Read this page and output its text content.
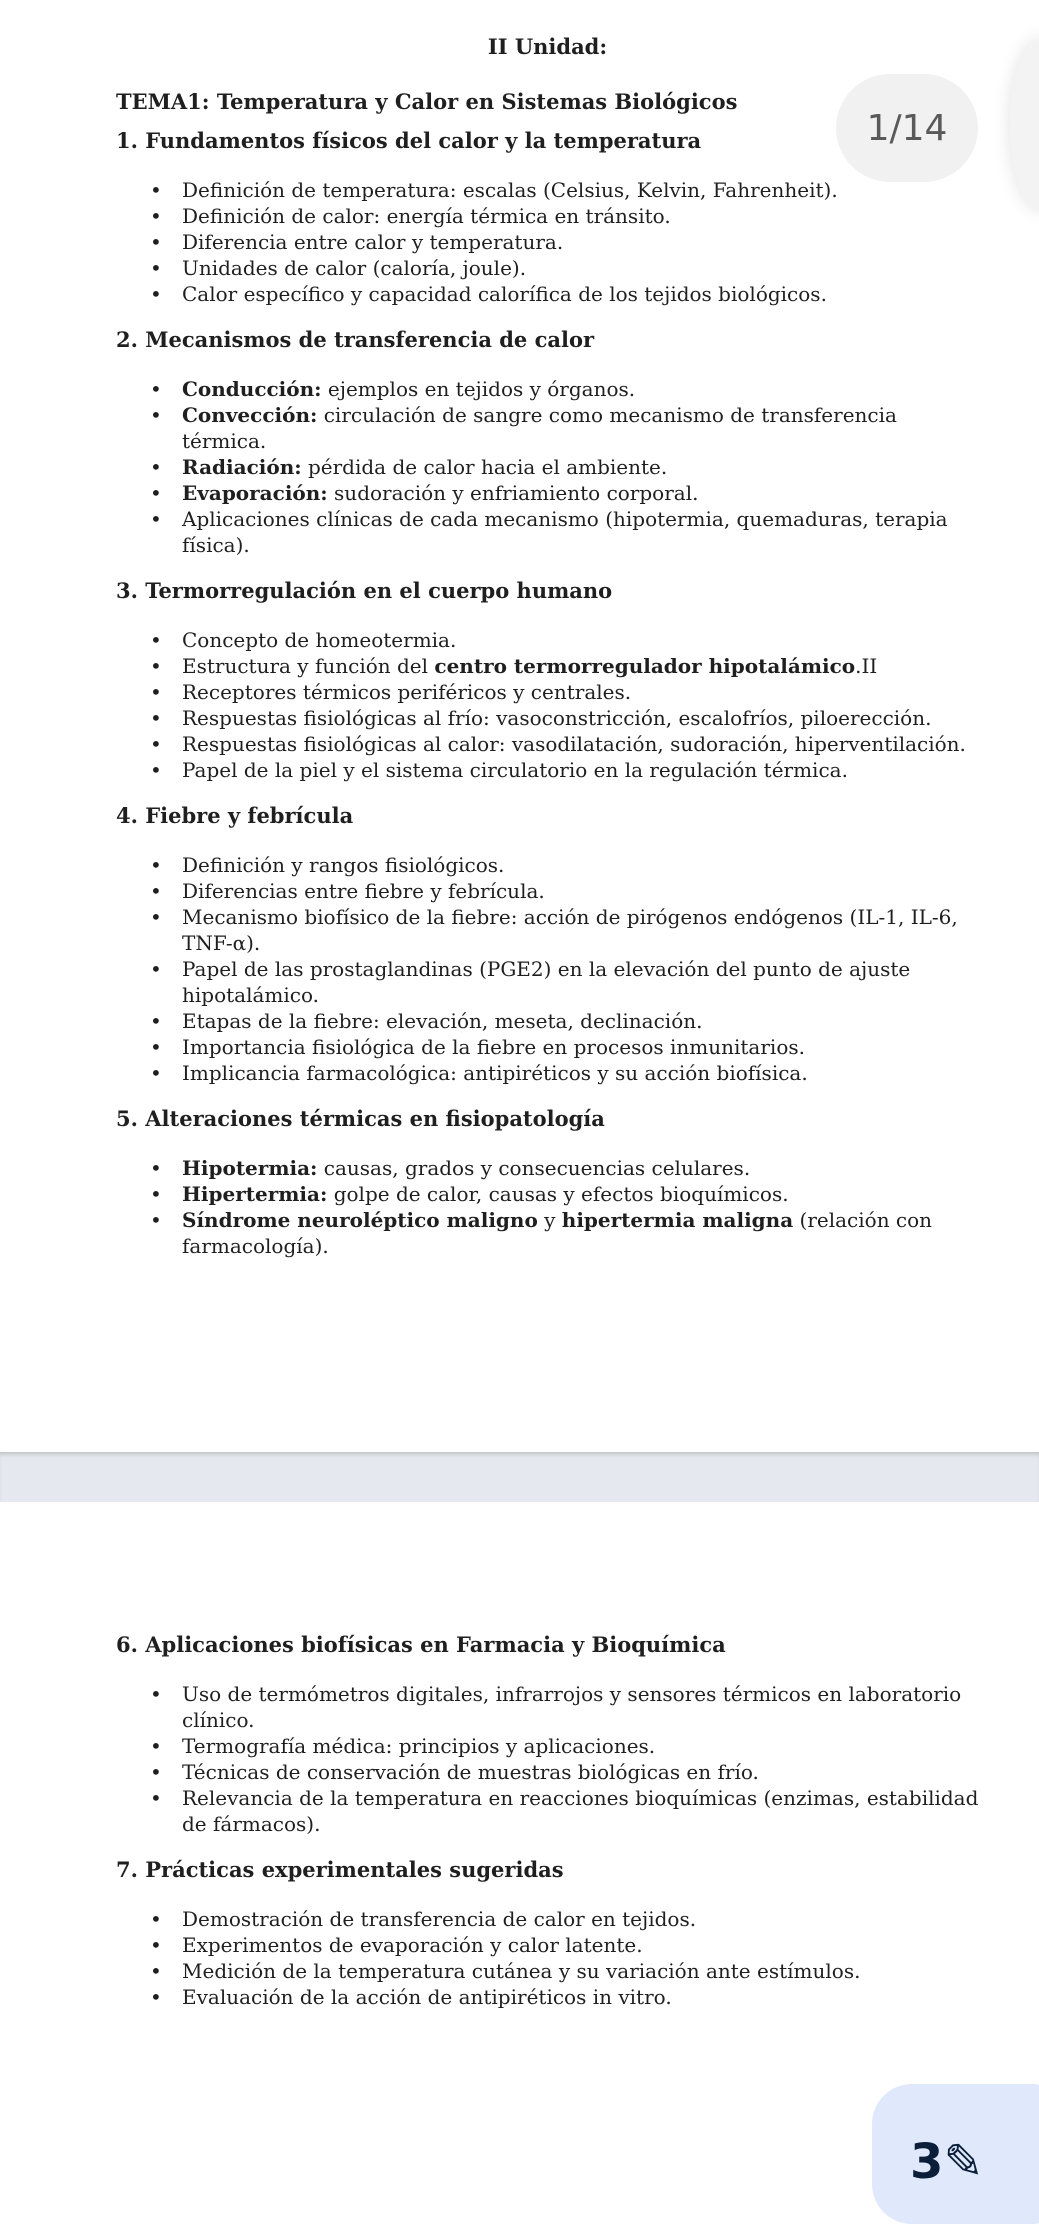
II Unidad:
TEMA1: Temperatura y Calor en Sistemas Biológicos
1. Fundamentos físicos del calor y la temperatura
• Definición de temperatura: escalas (Celsius, Kelvin, Fahrenheit).
• Definición de calor: energía térmica en tránsito.
• Diferencia entre calor y temperatura.
• Unidades de calor (caloría, joule).
• Calor específico y capacidad calorífica de los tejidos biológicos.
2. Mecanismos de transferencia de calor
• Conducción: ejemplos en tejidos y órganos.
• Convección: circulación de sangre como mecanismo de transferencia térmica.
• Radiación: pérdida de calor hacia el ambiente.
• Evaporación: sudoración y enfriamiento corporal.
• Aplicaciones clínicas de cada mecanismo (hipotermia, quemaduras, terapia física).
3. Termorregulación en el cuerpo humano
• Concepto de homeotermia.
• Estructura y función del centro termorregulador hipotalámico.II
• Receptores térmicos periféricos y centrales.
• Respuestas fisiológicas al frío: vasoconstricción, escalofríos, piloerección.
• Respuestas fisiológicas al calor: vasodilatación, sudoración, hiperventilación.
• Papel de la piel y el sistema circulatorio en la regulación térmica.
4. Fiebre y febrícula
• Definición y rangos fisiológicos.
• Diferencias entre fiebre y febrícula.
• Mecanismo biofísico de la fiebre: acción de pirógenos endógenos (IL-1, IL-6, TNF-α).
• Papel de las prostaglandinas (PGE2) en la elevación del punto de ajuste hipotalámico.
• Etapas de la fiebre: elevación, meseta, declinación.
• Importancia fisiológica de la fiebre en procesos inmunitarios.
• Implicancia farmacológica: antipiréticos y su acción biofísica.
5. Alteraciones térmicas en fisiopatología
• Hipotermia: causas, grados y consecuencias celulares.
• Hipertermia: golpe de calor, causas y efectos bioquímicos.
• Síndrome neuroléptico maligno y hipertermia maligna (relación con farmacología).
1/14
6. Aplicaciones biofísicas en Farmacia y Bioquímica
• Uso de termómetros digitales, infrarrojos y sensores térmicos en laboratorio clínico.
• Termografía médica: principios y aplicaciones.
• Técnicas de conservación de muestras biológicas en frío.
• Relevancia de la temperatura en reacciones bioquímicas (enzimas, estabilidad de fármacos).
7. Prácticas experimentales sugeridas
• Demostración de transferencia de calor en tejidos.
• Experimentos de evaporación y calor latente.
• Medición de la temperatura cutánea y su variación ante estímulos.
• Evaluación de la acción de antipiréticos in vitro.
3✎
